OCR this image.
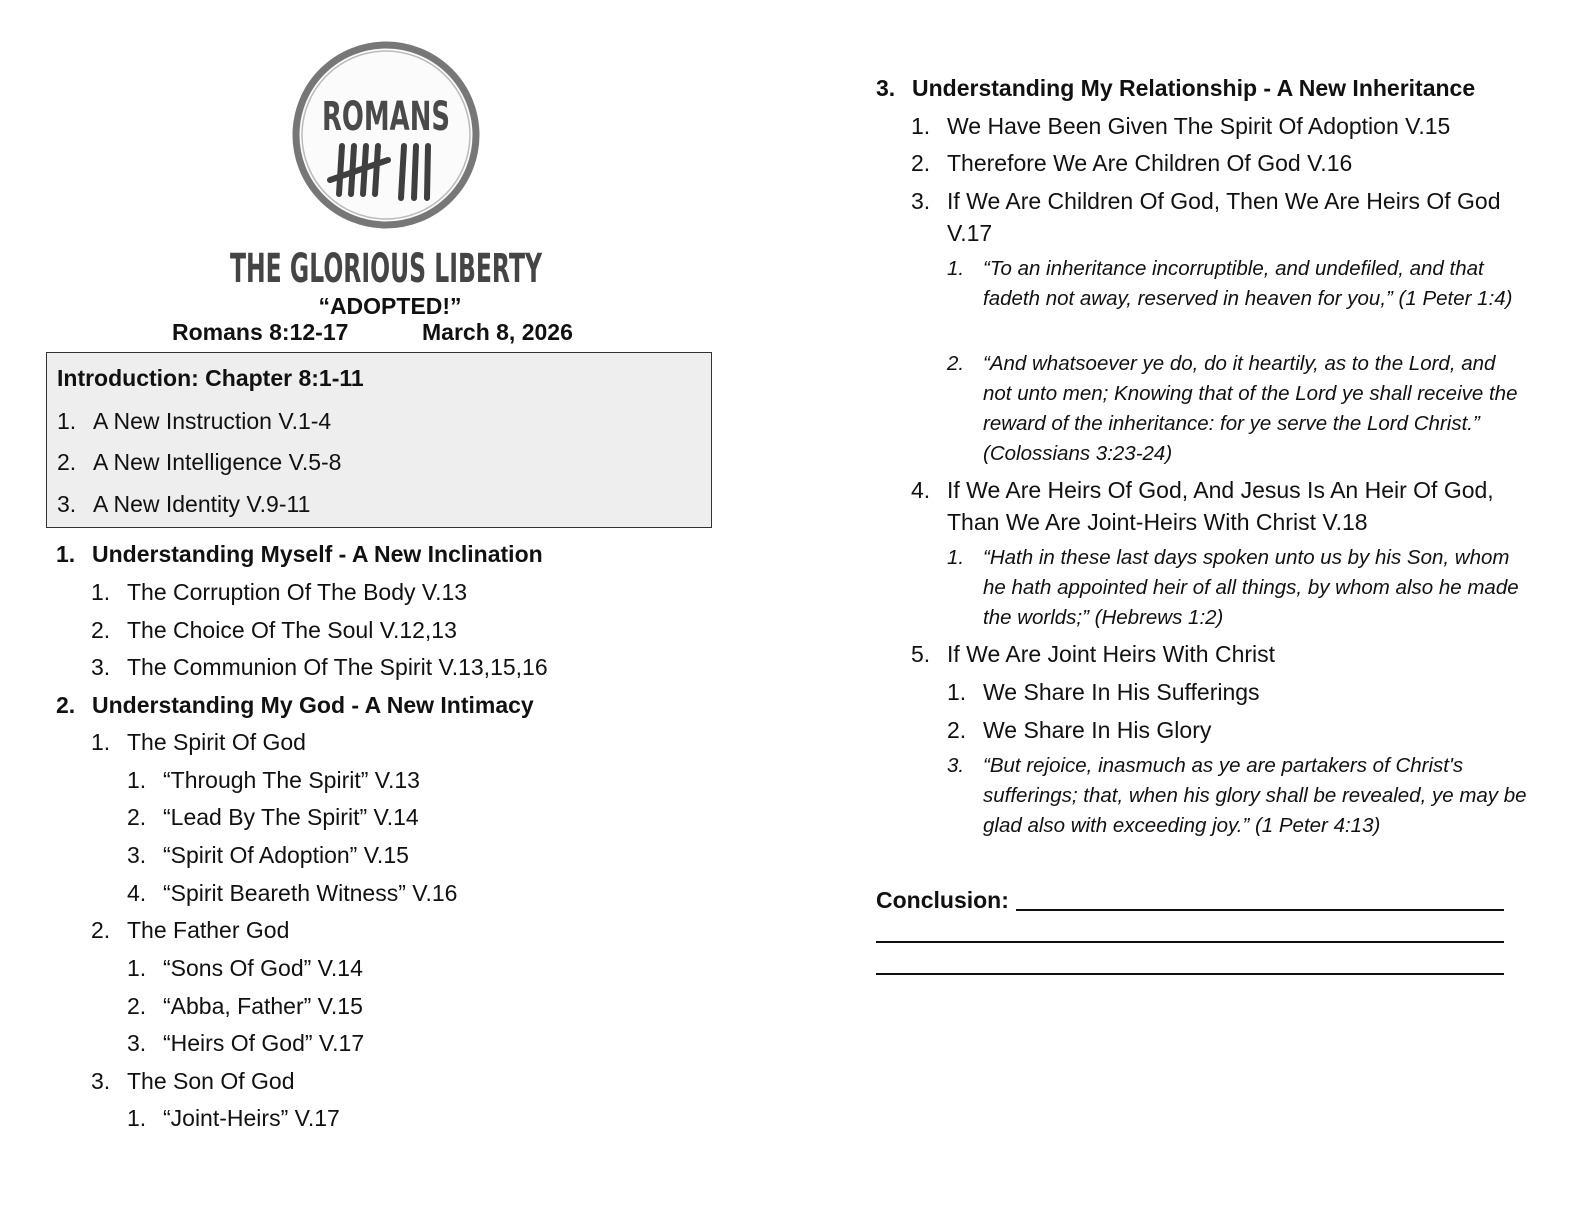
ROMANS
THE GLORIOUS LIBERTY
“ADOPTED!”
Romans 8:12-17	March 8, 2026
Introduction: Chapter 8:1-11
1. A New Instruction V.1-4
2. A New Intelligence V.5-8
3. A New Identity V.9-11
1. Understanding Myself - A New Inclination
1. The Corruption Of The Body V.13
2. The Choice Of The Soul V.12,13
3. The Communion Of The Spirit V.13,15,16
2. Understanding My God - A New Intimacy
1. The Spirit Of God
1. “Through The Spirit” V.13
2. “Lead By The Spirit” V.14
3. “Spirit Of Adoption” V.15
4. “Spirit Beareth Witness” V.16
2. The Father God
1. “Sons Of God” V.14
2. “Abba, Father” V.15
3. “Heirs Of God” V.17
3. The Son Of God
1. “Joint-Heirs” V.17
3. Understanding My Relationship - A New Inheritance
1. We Have Been Given The Spirit Of Adoption V.15
2. Therefore We Are Children Of God V.16
3. If We Are Children Of God, Then We Are Heirs Of God V.17
1. “To an inheritance incorruptible, and undefiled, and that fadeth not away, reserved in heaven for you,” (1 Peter 1:4)
2. “And whatsoever ye do, do it heartily, as to the Lord, and not unto men; Knowing that of the Lord ye shall receive the reward of the inheritance: for ye serve the Lord Christ.” (Colossians 3:23-24)
4. If We Are Heirs Of God, And Jesus Is An Heir Of God, Than We Are Joint-Heirs With Christ V.18
1. “Hath in these last days spoken unto us by his Son, whom he hath appointed heir of all things, by whom also he made the worlds;” (Hebrews 1:2)
5. If We Are Joint Heirs With Christ
1. We Share In His Sufferings
2. We Share In His Glory
3. “But rejoice, inasmuch as ye are partakers of Christ's sufferings; that, when his glory shall be revealed, ye may be glad also with exceeding joy.” (1 Peter 4:13)
Conclusion:
